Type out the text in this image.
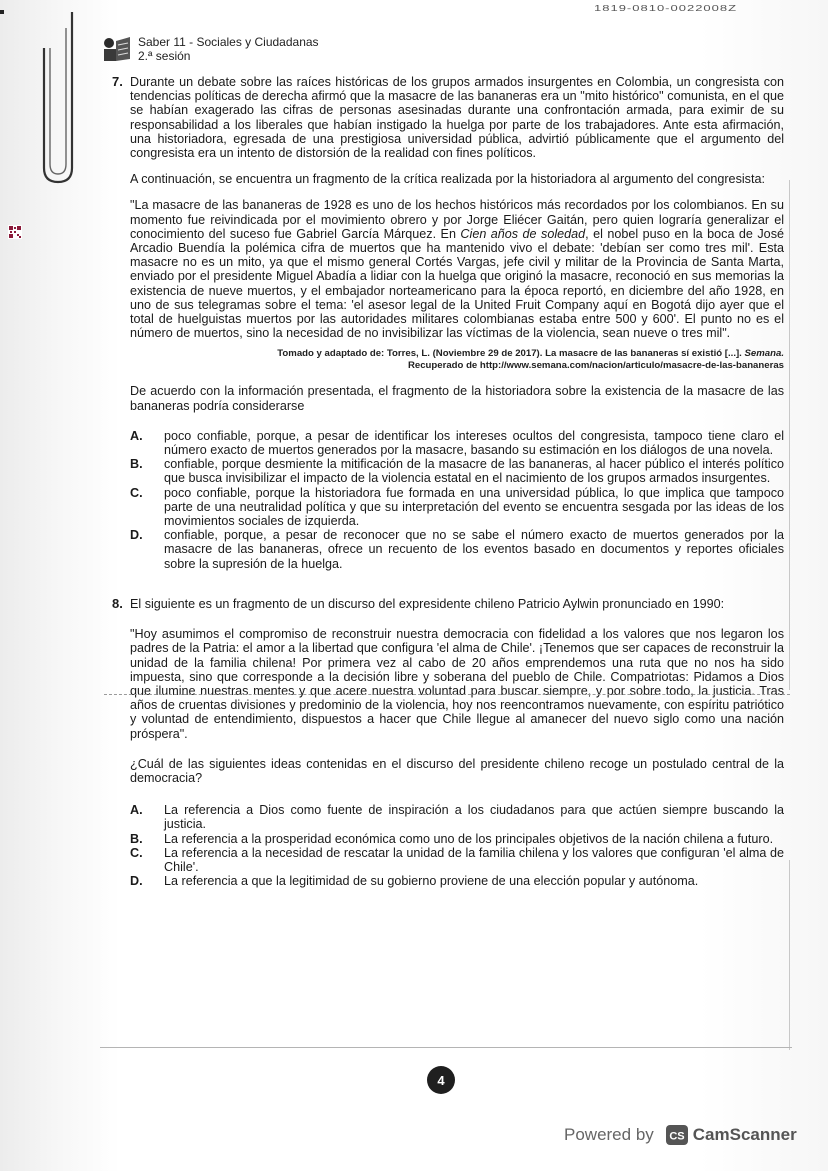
1819-0810-0022008Z
Saber 11 - Sociales y Ciudadanas
2.ª sesión
7. Durante un debate sobre las raíces históricas de los grupos armados insurgentes en Colombia, un congresista con tendencias políticas de derecha afirmó que la masacre de las bananeras era un "mito histórico" comunista, en el que se habían exagerado las cifras de personas asesinadas durante una confrontación armada, para eximir de su responsabilidad a los liberales que habían instigado la huelga por parte de los trabajadores. Ante esta afirmación, una historiadora, egresada de una prestigiosa universidad pública, advirtió públicamente que el argumento del congresista era un intento de distorsión de la realidad con fines políticos.

A continuación, se encuentra un fragmento de la crítica realizada por la historiadora al argumento del congresista:

"La masacre de las bananeras de 1928 es uno de los hechos históricos más recordados por los colombianos. En su momento fue reivindicada por el movimiento obrero y por Jorge Eliécer Gaitán, pero quien lograría generalizar el conocimiento del suceso fue Gabriel García Márquez. En Cien años de soledad, el nobel puso en la boca de José Arcadio Buendía la polémica cifra de muertos que ha mantenido vivo el debate: 'debían ser como tres mil'. Esta masacre no es un mito, ya que el mismo general Cortés Vargas, jefe civil y militar de la Provincia de Santa Marta, enviado por el presidente Miguel Abadía a lidiar con la huelga que originó la masacre, reconoció en sus memorias la existencia de nueve muertos, y el embajador norteamericano para la época reportó, en diciembre del año 1928, en uno de sus telegramas sobre el tema: 'el asesor legal de la United Fruit Company aquí en Bogotá dijo ayer que el total de huelguistas muertos por las autoridades militares colombianas estaba entre 500 y 600'. El punto no es el número de muertos, sino la necesidad de no invisibilizar las víctimas de la violencia, sean nueve o tres mil".

Tomado y adaptado de: Torres, L. (Noviembre 29 de 2017). La masacre de las bananeras sí existió [...]. Semana.
Recuperado de http://www.semana.com/nacion/articulo/masacre-de-las-bananeras

De acuerdo con la información presentada, el fragmento de la historiadora sobre la existencia de la masacre de las bananeras podría considerarse

A.	poco confiable, porque, a pesar de identificar los intereses ocultos del congresista, tampoco tiene claro el número exacto de muertos generados por la masacre, basando su estimación en los diálogos de una novela.
B.	confiable, porque desmiente la mitificación de la masacre de las bananeras, al hacer público el interés político que busca invisibilizar el impacto de la violencia estatal en el nacimiento de los grupos armados insurgentes.
C.	poco confiable, porque la historiadora fue formada en una universidad pública, lo que implica que tampoco parte de una neutralidad política y que su interpretación del evento se encuentra sesgada por las ideas de los movimientos sociales de izquierda.
D.	confiable, porque, a pesar de reconocer que no se sabe el número exacto de muertos generados por la masacre de las bananeras, ofrece un recuento de los eventos basado en documentos y reportes oficiales sobre la supresión de la huelga.
8. El siguiente es un fragmento de un discurso del expresidente chileno Patricio Aylwin pronunciado en 1990:

"Hoy asumimos el compromiso de reconstruir nuestra democracia con fidelidad a los valores que nos legaron los padres de la Patria: el amor a la libertad que configura 'el alma de Chile'. ¡Tenemos que ser capaces de reconstruir la unidad de la familia chilena! Por primera vez al cabo de 20 años emprendemos una ruta que no nos ha sido impuesta, sino que corresponde a la decisión libre y soberana del pueblo de Chile. Compatriotas: Pidamos a Dios que ilumine nuestras mentes y que acere nuestra voluntad para buscar siempre, y por sobre todo, la justicia. Tras años de cruentas divisiones y predominio de la violencia, hoy nos reencontramos nuevamente, con espíritu patriótico y voluntad de entendimiento, dispuestos a hacer que Chile llegue al amanecer del nuevo siglo como una nación próspera".

¿Cuál de las siguientes ideas contenidas en el discurso del presidente chileno recoge un postulado central de la democracia?

A.	La referencia a Dios como fuente de inspiración a los ciudadanos para que actúen siempre buscando la justicia.
B.	La referencia a la prosperidad económica como uno de los principales objetivos de la nación chilena a futuro.
C.	La referencia a la necesidad de rescatar la unidad de la familia chilena y los valores que configuran 'el alma de Chile'.
D.	La referencia a que la legitimidad de su gobierno proviene de una elección popular y autónoma.
4
Powered by CS CamScanner
